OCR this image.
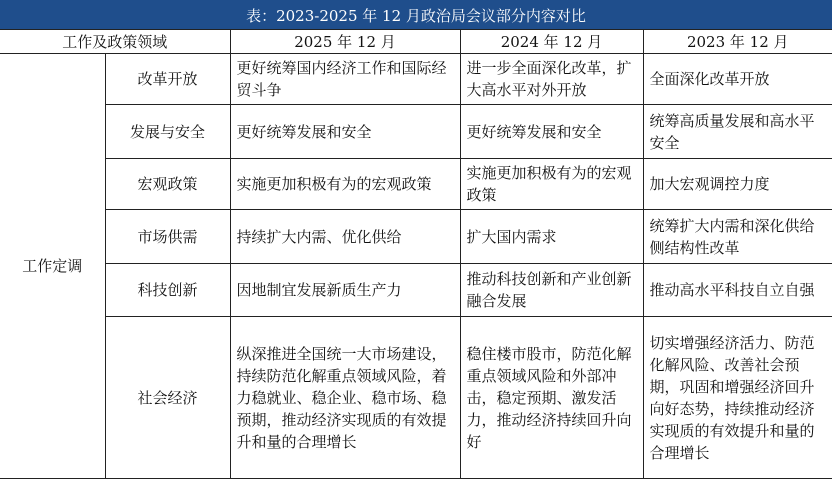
表：2023-2025 年 12 月政治局会议部分内容对比
工作及政策领域		2025 年 12 月	2024 年 12 月	2023 年 12 月
工作定调	改革开放	更好统筹国内经济工作和国际经贸斗争	进一步全面深化改革，扩大高水平对外开放	全面深化改革开放
	发展与安全	更好统筹发展和安全	更好统筹发展和安全	统筹高质量发展和高水平安全
	宏观政策	实施更加积极有为的宏观政策	实施更加积极有为的宏观政策	加大宏观调控力度
	市场供需	持续扩大内需、优化供给	扩大国内需求	统筹扩大内需和深化供给侧结构性改革
	科技创新	因地制宜发展新质生产力	推动科技创新和产业创新融合发展	推动高水平科技自立自强
	社会经济	纵深推进全国统一大市场建设，持续防范化解重点领域风险，着力稳就业、稳企业、稳市场、稳预期，推动经济实现质的有效提升和量的合理增长	稳住楼市股市，防范化解重点领域风险和外部冲击，稳定预期、激发活力，推动经济持续回升向好	切实增强经济活力、防范化解风险、改善社会预期，巩固和增强经济回升向好态势，持续推动经济实现质的有效提升和量的合理增长
